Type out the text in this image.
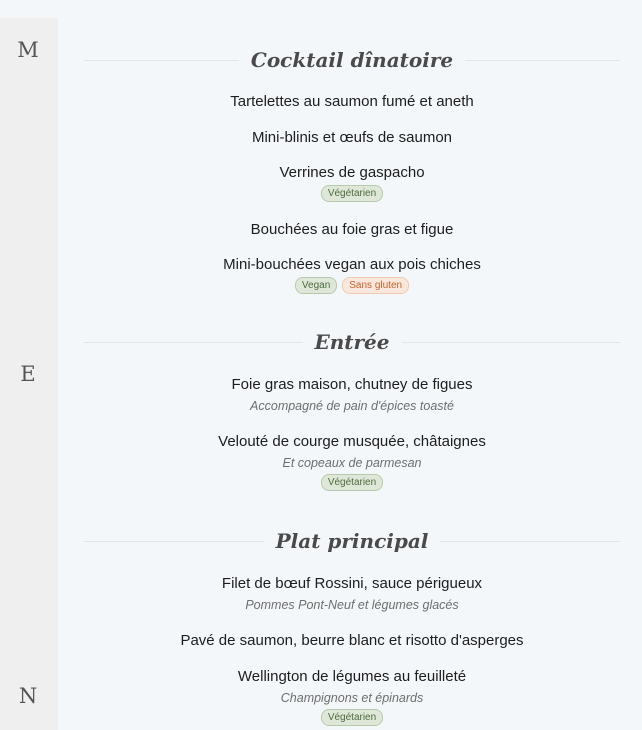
M
E
N
Cocktail dînatoire
Tartelettes au saumon fumé et aneth
Mini-blinis et œufs de saumon
Verrines de gaspacho
Végétarien
Bouchées au foie gras et figue
Mini-bouchées vegan aux pois chiches
Vegan	Sans gluten
Entrée
Foie gras maison, chutney de figues
Accompagné de pain d'épices toasté
Velouté de courge musquée, châtaignes
Et copeaux de parmesan
Végétarien
Plat principal
Filet de bœuf Rossini, sauce périgueux
Pommes Pont-Neuf et légumes glacés
Pavé de saumon, beurre blanc et risotto d'asperges
Wellington de légumes au feuilleté
Champignons et épinards
Végétarien
